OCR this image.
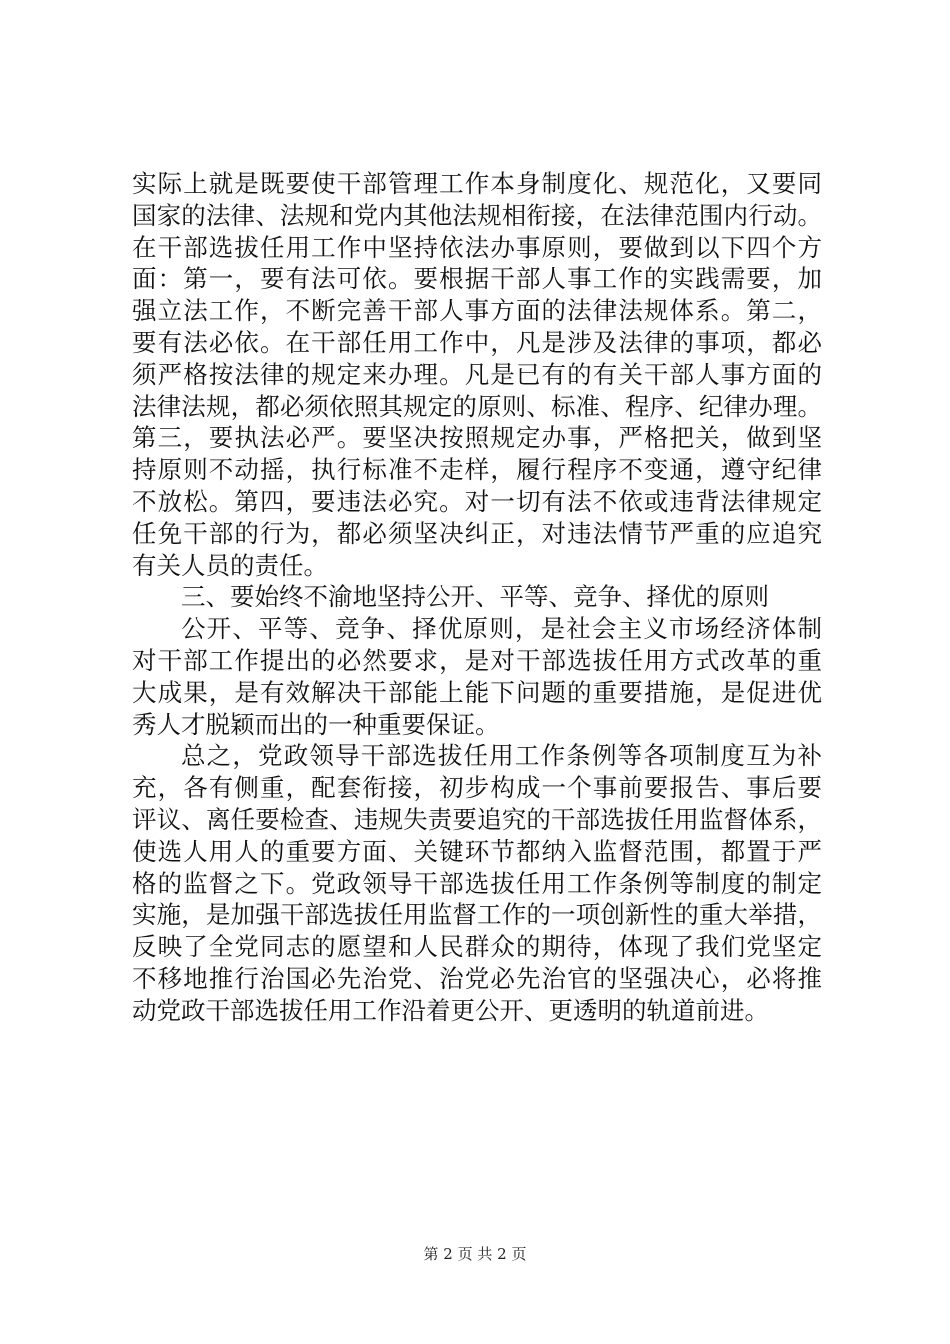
实际上就是既要使干部管理工作本身制度化、规范化，又要同
国家的法律、法规和党内其他法规相衔接，在法律范围内行动。
在干部选拔任用工作中坚持依法办事原则，要做到以下四个方
面：第一，要有法可依。要根据干部人事工作的实践需要，加
强立法工作，不断完善干部人事方面的法律法规体系。第二，
要有法必依。在干部任用工作中，凡是涉及法律的事项，都必
须严格按法律的规定来办理。凡是已有的有关干部人事方面的
法律法规，都必须依照其规定的原则、标准、程序、纪律办理。
第三，要执法必严。要坚决按照规定办事，严格把关，做到坚
持原则不动摇，执行标准不走样，履行程序不变通，遵守纪律
不放松。第四，要违法必究。对一切有法不依或违背法律规定
任免干部的行为，都必须坚决纠正，对违法情节严重的应追究
有关人员的责任。
三、要始终不渝地坚持公开、平等、竞争、择优的原则
公开、平等、竞争、择优原则，是社会主义市场经济体制
对干部工作提出的必然要求，是对干部选拔任用方式改革的重
大成果，是有效解决干部能上能下问题的重要措施，是促进优
秀人才脱颖而出的一种重要保证。
总之，党政领导干部选拔任用工作条例等各项制度互为补
充，各有侧重，配套衔接，初步构成一个事前要报告、事后要
评议、离任要检查、违规失责要追究的干部选拔任用监督体系，
使选人用人的重要方面、关键环节都纳入监督范围，都置于严
格的监督之下。党政领导干部选拔任用工作条例等制度的制定
实施，是加强干部选拔任用监督工作的一项创新性的重大举措，
反映了全党同志的愿望和人民群众的期待，体现了我们党坚定
不移地推行治国必先治党、治党必先治官的坚强决心，必将推
动党政干部选拔任用工作沿着更公开、更透明的轨道前进。
第 2 页 共 2 页
